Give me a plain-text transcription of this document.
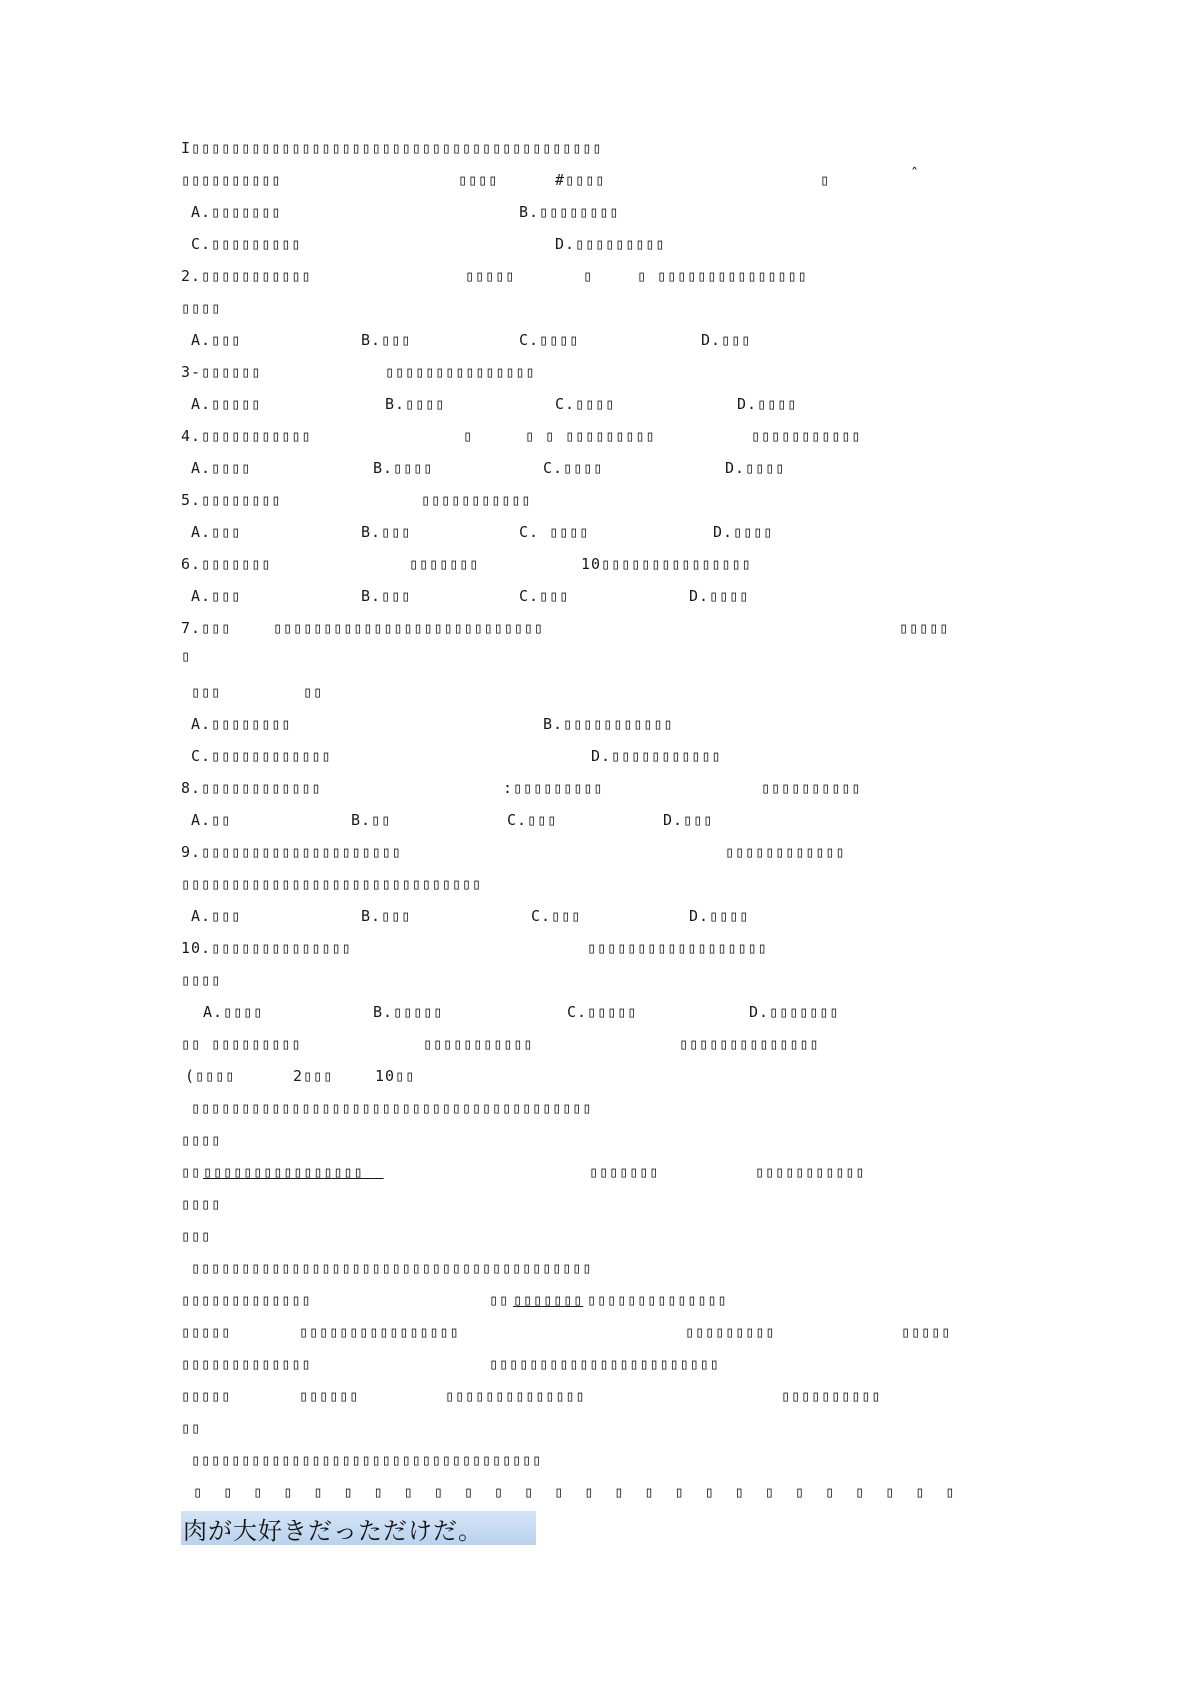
I▯▯▯▯▯▯▯▯▯▯▯▯▯▯▯▯▯▯▯▯▯▯▯▯▯▯▯▯▯▯▯▯▯▯▯▯▯▯▯▯▯

▯▯▯▯▯▯▯▯▯▯	▯▯▯▯	#▯▯▯▯	▯	ˆ

A.▯▯▯▯▯▯▯	B.▯▯▯▯▯▯▯▯

C.▯▯▯▯▯▯▯▯▯	D.▯▯▯▯▯▯▯▯▯

2.▯▯▯▯▯▯▯▯▯▯▯	▯▯▯▯▯	▯	▯ ▯▯▯▯▯▯▯▯▯▯▯▯▯▯▯

▯▯▯▯

A.▯▯▯	B.▯▯▯	C.▯▯▯▯	D.▯▯▯

3-▯▯▯▯▯▯	▯▯▯▯▯▯▯▯▯▯▯▯▯▯▯

A.▯▯▯▯▯	B.▯▯▯▯	C.▯▯▯▯	D.▯▯▯▯

4.▯▯▯▯▯▯▯▯▯▯▯	▯	▯ ▯ ▯▯▯▯▯▯▯▯▯	▯▯▯▯▯▯▯▯▯▯▯

A.▯▯▯▯	B.▯▯▯▯	C.▯▯▯▯	D.▯▯▯▯

5.▯▯▯▯▯▯▯▯	▯▯▯▯▯▯▯▯▯▯▯

A.▯▯▯	B.▯▯▯	C. ▯▯▯▯	D.▯▯▯▯

6.▯▯▯▯▯▯▯	▯▯▯▯▯▯▯	10▯▯▯▯▯▯▯▯▯▯▯▯▯▯▯

A.▯▯▯	B.▯▯▯	C.▯▯▯	D.▯▯▯▯

7.▯▯▯	▯▯▯▯▯▯▯▯▯▯▯▯▯▯▯▯▯▯▯▯▯▯▯▯▯▯▯	▯▯▯▯▯

▯

▯▯▯	▯▯

A.▯▯▯▯▯▯▯▯	B.▯▯▯▯▯▯▯▯▯▯▯

C.▯▯▯▯▯▯▯▯▯▯▯▯	D.▯▯▯▯▯▯▯▯▯▯▯

8.▯▯▯▯▯▯▯▯▯▯▯▯	:▯▯▯▯▯▯▯▯▯	▯▯▯▯▯▯▯▯▯▯

A.▯▯	B.▯▯	C.▯▯▯	D.▯▯▯

9.▯▯▯▯▯▯▯▯▯▯▯▯▯▯▯▯▯▯▯▯	▯▯▯▯▯▯▯▯▯▯▯▯

▯▯▯▯▯▯▯▯▯▯▯▯▯▯▯▯▯▯▯▯▯▯▯▯▯▯▯▯▯▯

A.▯▯▯	B.▯▯▯	C.▯▯▯	D.▯▯▯▯

10.▯▯▯▯▯▯▯▯▯▯▯▯▯▯	▯▯▯▯▯▯▯▯▯▯▯▯▯▯▯▯▯▯

▯▯▯▯

A.▯▯▯▯	B.▯▯▯▯▯	C.▯▯▯▯▯	D.▯▯▯▯▯▯▯

▯▯ ▯▯▯▯▯▯▯▯▯	▯▯▯▯▯▯▯▯▯▯▯	▯▯▯▯▯▯▯▯▯▯▯▯▯▯

(▯▯▯▯	2▯▯▯	10▯▯

▯▯▯▯▯▯▯▯▯▯▯▯▯▯▯▯▯▯▯▯▯▯▯▯▯▯▯▯▯▯▯▯▯▯▯▯▯▯▯▯

▯▯▯▯

▯▯ ▯▯▯▯▯▯▯▯▯▯▯▯▯▯▯▯	▯▯▯▯▯▯▯	▯▯▯▯▯▯▯▯▯▯▯

▯▯▯▯

▯▯▯

▯▯▯▯▯▯▯▯▯▯▯▯▯▯▯▯▯▯▯▯▯▯▯▯▯▯▯▯▯▯▯▯▯▯▯▯▯▯▯▯

▯▯▯▯▯▯▯▯▯▯▯▯▯	▯▯ ▯▯▯▯▯▯▯ ▯▯▯▯▯▯▯▯▯▯▯▯▯▯

▯▯▯▯▯	▯▯▯▯▯▯▯▯▯▯▯▯▯▯▯▯	▯▯▯▯▯▯▯▯▯	▯▯▯▯▯

▯▯▯▯▯▯▯▯▯▯▯▯▯	▯▯▯▯▯▯▯▯▯▯▯▯▯▯▯▯▯▯▯▯▯▯▯

▯▯▯▯▯	▯▯▯▯▯▯	▯▯▯▯▯▯▯▯▯▯▯▯▯▯	▯▯▯▯▯▯▯▯▯▯

▯▯

▯▯▯▯▯▯▯▯▯▯▯▯▯▯▯▯▯▯▯▯▯▯▯▯▯▯▯▯▯▯▯▯▯▯▯

▯  ▯  ▯  ▯  ▯  ▯  ▯  ▯  ▯  ▯  ▯  ▯  ▯  ▯  ▯  ▯  ▯  ▯  ▯  ▯  ▯  ▯  ▯  ▯  ▯  ▯

肉が大好きだっただけだ。
